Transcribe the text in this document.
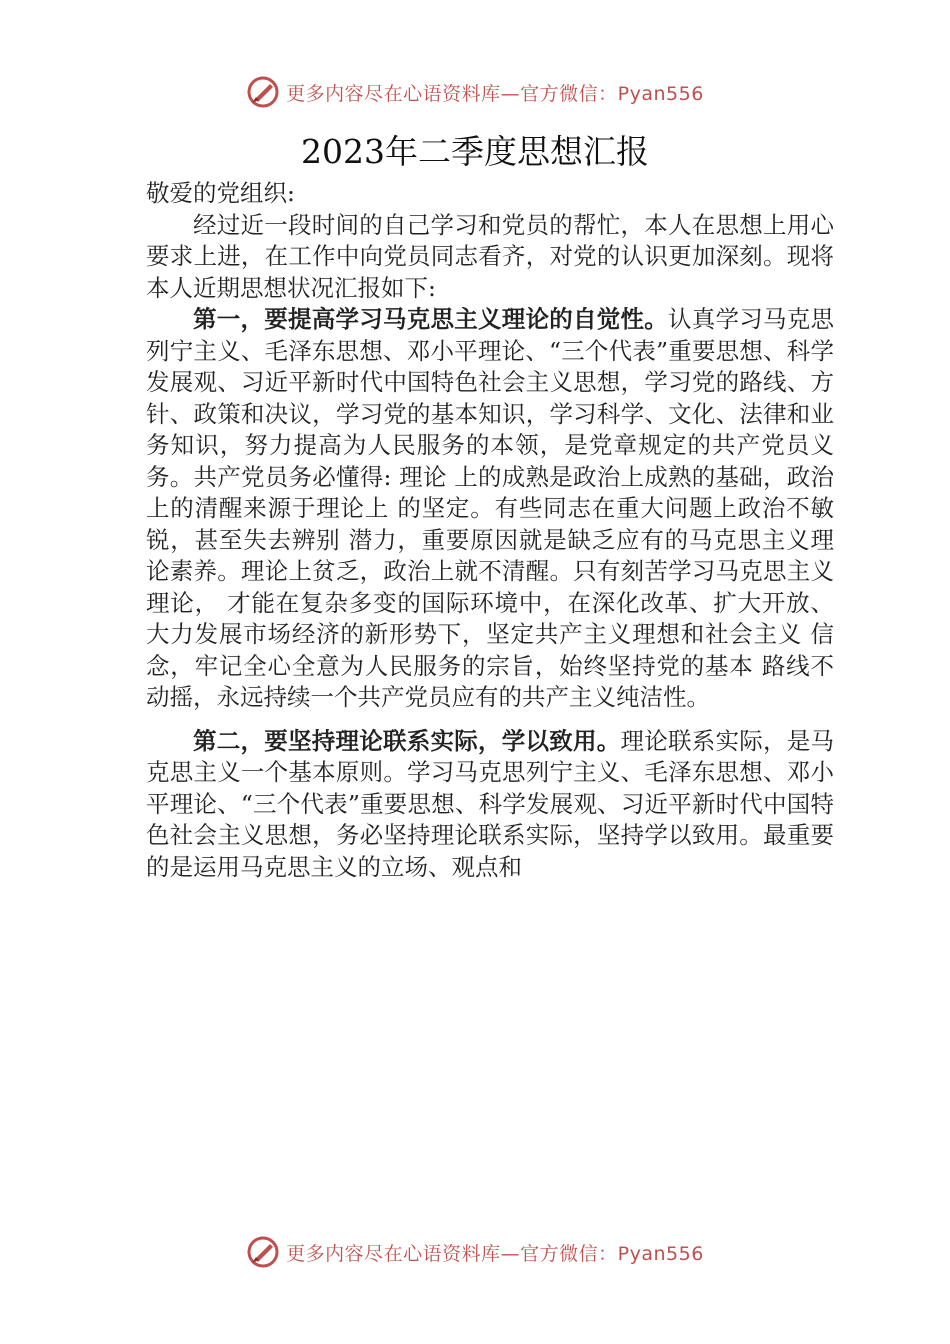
更多内容尽在心语资料库—官方微信：Pyan556
2023年二季度思想汇报

敬爱的党组织:

经过近一段时间的自己学习和党员的帮忙，本人在思想上用心要求上进，在工作中向党员同志看齐，对党的认识更加深刻。现将本人近期思想状况汇报如下:

第一，要提高学习马克思主义理论的自觉性。认真学习马克思列宁主义、毛泽东思想、邓小平理论、“三个代表”重要思想、科学发展观、习近平新时代中国特色社会主义思想，学习党的路线、方针、政策和决议，学习党的基本知识，学习科学、文化、法律和业务知识，努力提高为人民服务的本领，是党章规定的共产党员义务。共产党员务必懂得: 理论 上的成熟是政治上成熟的基础，政治上的清醒来源于理论上 的坚定。有些同志在重大问题上政治不敏锐，甚至失去辨别 潜力，重要原因就是缺乏应有的马克思主义理论素养。理论上贫乏，政治上就不清醒。只有刻苦学习马克思主义理论， 才能在复杂多变的国际环境中，在深化改革、扩大开放、大力发展市场经济的新形势下，坚定共产主义理想和社会主义 信念，牢记全心全意为人民服务的宗旨，始终坚持党的基本 路线不动摇，永远持续一个共产党员应有的共产主义纯洁性。

第二，要坚持理论联系实际，学以致用。理论联系实际，是马克思主义一个基本原则。学习马克思列宁主义、毛泽东思想、邓小平理论、“三个代表”重要思想、科学发展观、习近平新时代中国特色社会主义思想，务必坚持理论联系实际，坚持学以致用。最重要的是运用马克思主义的立场、观点和

更多内容尽在心语资料库—官方微信：Pyan556
